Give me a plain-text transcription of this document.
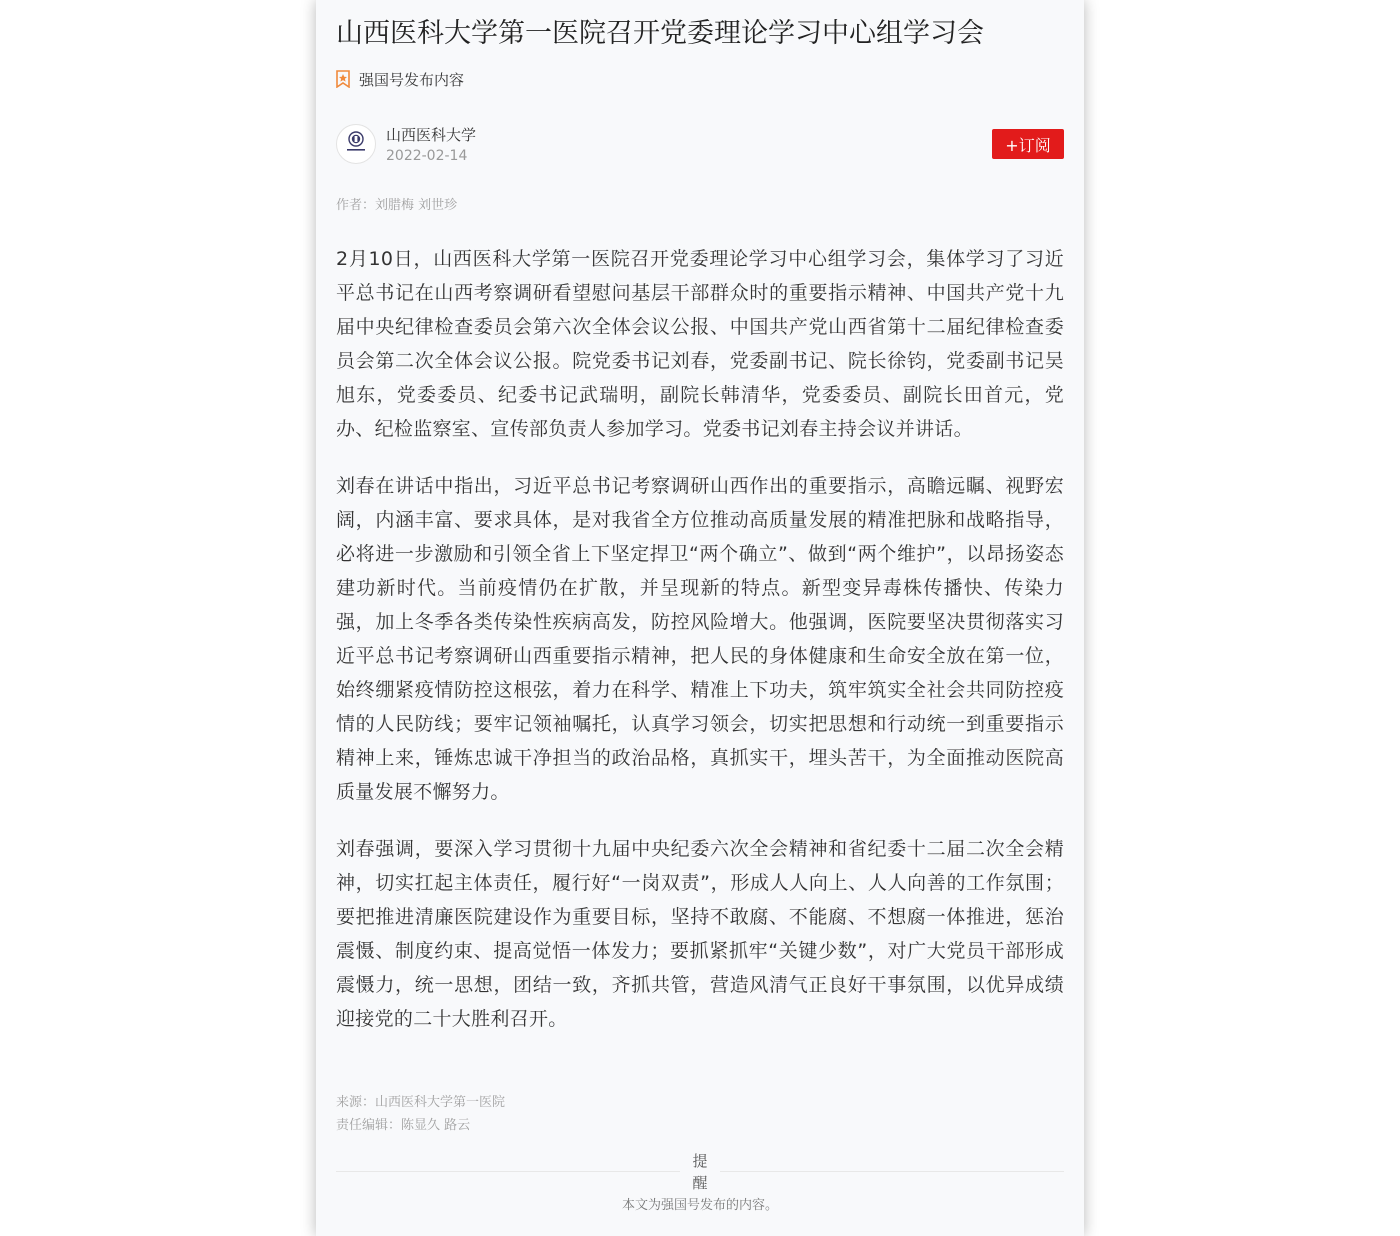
山西医科大学第一医院召开党委理论学习中心组学习会
强国号发布内容
山西医科大学
2022-02-14
+订阅
作者：刘腊梅 刘世珍

2月10日，山西医科大学第一医院召开党委理论学习中心组学习会，集体学习了习近平总书记在山西考察调研看望慰问基层干部群众时的重要指示精神、中国共产党十九届中央纪律检查委员会第六次全体会议公报、中国共产党山西省第十二届纪律检查委员会第二次全体会议公报。院党委书记刘春，党委副书记、院长徐钧，党委副书记吴旭东，党委委员、纪委书记武瑞明，副院长韩清华，党委委员、副院长田首元，党办、纪检监察室、宣传部负责人参加学习。党委书记刘春主持会议并讲话。

刘春在讲话中指出，习近平总书记考察调研山西作出的重要指示，高瞻远瞩、视野宏阔，内涵丰富、要求具体，是对我省全方位推动高质量发展的精准把脉和战略指导，必将进一步激励和引领全省上下坚定捍卫“两个确立”、做到“两个维护”，以昂扬姿态建功新时代。当前疫情仍在扩散，并呈现新的特点。新型变异毒株传播快、传染力强，加上冬季各类传染性疾病高发，防控风险增大。他强调，医院要坚决贯彻落实习近平总书记考察调研山西重要指示精神，把人民的身体健康和生命安全放在第一位，始终绷紧疫情防控这根弦，着力在科学、精准上下功夫，筑牢筑实全社会共同防控疫情的人民防线；要牢记领袖嘱托，认真学习领会，切实把思想和行动统一到重要指示精神上来，锤炼忠诚干净担当的政治品格，真抓实干，埋头苦干，为全面推动医院高质量发展不懈努力。

刘春强调，要深入学习贯彻十九届中央纪委六次全会精神和省纪委十二届二次全会精神，切实扛起主体责任，履行好“一岗双责”，形成人人向上、人人向善的工作氛围；要把推进清廉医院建设作为重要目标，坚持不敢腐、不能腐、不想腐一体推进，惩治震慑、制度约束、提高觉悟一体发力；要抓紧抓牢“关键少数”，对广大党员干部形成震慑力，统一思想，团结一致，齐抓共管，营造风清气正良好干事氛围，以优异成绩迎接党的二十大胜利召开。

来源：山西医科大学第一医院
责任编辑：陈显久 路云
提
醒
本文为强国号发布的内容。
